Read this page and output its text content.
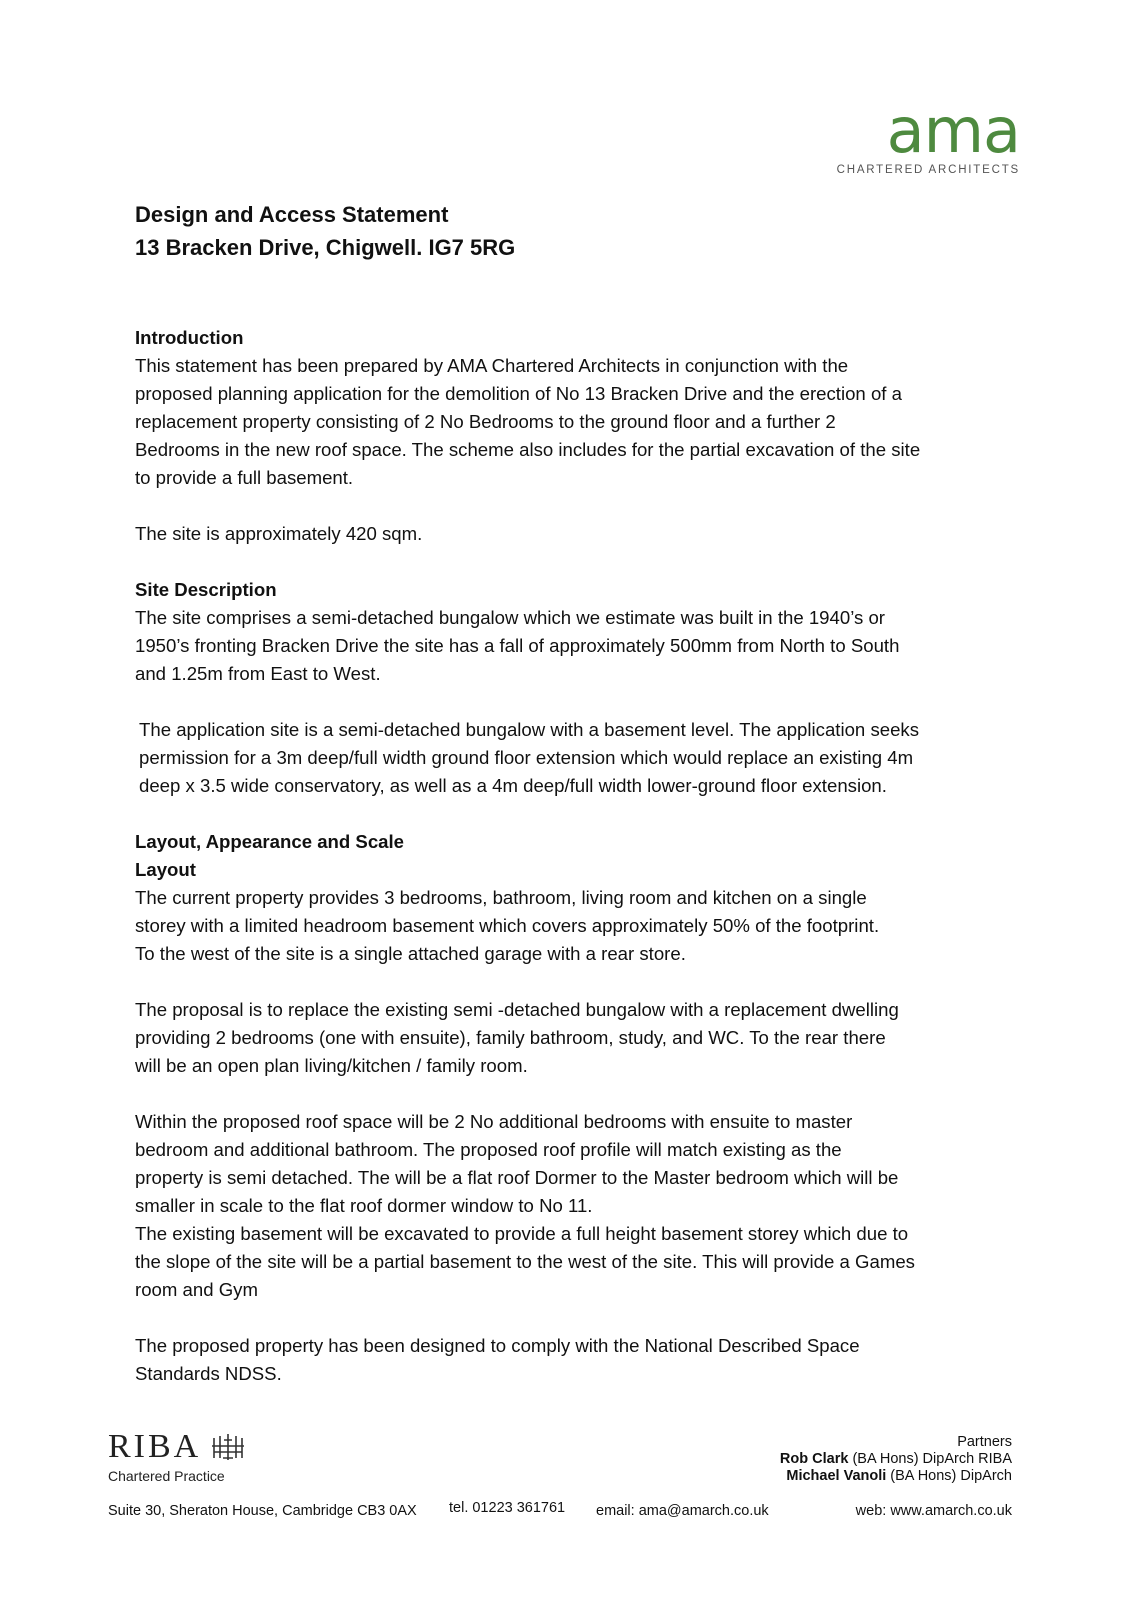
ama
CHARTERED ARCHITECTS
Design and Access Statement
13 Bracken Drive, Chigwell. IG7 5RG
Introduction
This statement has been prepared by AMA Chartered Architects in conjunction with the
proposed planning application for the demolition of No 13 Bracken Drive and the erection of a
replacement property consisting of 2 No Bedrooms to the ground floor and a further 2
Bedrooms in the new roof space. The scheme also includes for the partial excavation of the site
to provide a full basement.
The site is approximately 420 sqm.
Site Description
The site comprises a semi-detached bungalow which we estimate was built in the 1940’s or
1950’s fronting Bracken Drive the site has a fall of approximately 500mm from North to South
and 1.25m from East to West.
The application site is a semi-detached bungalow with a basement level. The application seeks
permission for a 3m deep/full width ground floor extension which would replace an existing 4m
deep x 3.5 wide conservatory, as well as a 4m deep/full width lower-ground floor extension.
Layout, Appearance and Scale
Layout
The current property provides 3 bedrooms, bathroom, living room and kitchen on a single
storey with a limited headroom basement which covers approximately 50% of the footprint.
To the west of the site is a single attached garage with a rear store.
The proposal is to replace the existing semi -detached bungalow with a replacement dwelling
providing 2 bedrooms (one with ensuite), family bathroom, study, and WC. To the rear there
will be an open plan living/kitchen / family room.
Within the proposed roof space will be 2 No additional bedrooms with ensuite to master
bedroom and additional bathroom. The proposed roof profile will match existing as the
property is semi detached. The will be a flat roof Dormer to the Master bedroom which will be
smaller in scale to the flat roof dormer window to No 11.
The existing basement will be excavated to provide a full height basement storey which due to
the slope of the site will be a partial basement to the west of the site. This will provide a Games
room and Gym
The proposed property has been designed to comply with the National Described Space
Standards NDSS.
RIBA
Chartered Practice
Partners
Rob Clark (BA Hons) DipArch RIBA
Michael Vanoli (BA Hons) DipArch
Suite 30, Sheraton House, Cambridge CB3 0AX tel. 01223 361761 email: ama@amarch.co.uk	web: www.amarch.co.uk
